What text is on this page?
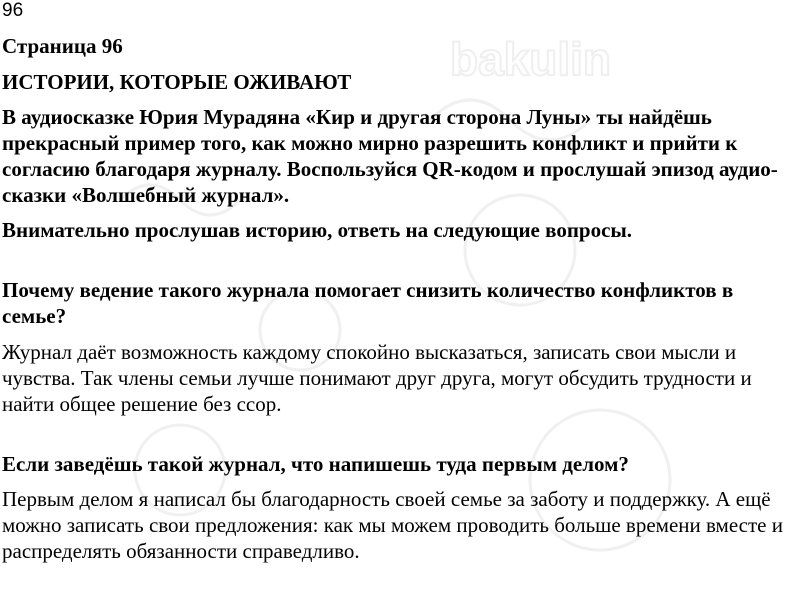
bakulin

96

Страница 96

ИСТОРИИ, КОТОРЫЕ ОЖИВАЮТ

В аудиосказке Юрия Мурадяна «Кир и другая сторона Луны» ты найдёшь прекрасный пример того, как можно мирно разрешить конфликт и прийти к согласию благодаря журналу. Воспользуйся QR-кодом и прослушай эпизод аудио-сказки «Волшебный журнал».

Внимательно прослушав историю, ответь на следующие вопросы.

Почему ведение такого журнала помогает снизить количество конфликтов в семье?

Журнал даёт возможность каждому спокойно высказаться, записать свои мысли и чувства. Так члены семьи лучше понимают друг друга, могут обсудить трудности и найти общее решение без ссор.

Если заведёшь такой журнал, что напишешь туда первым делом?

Первым делом я написал бы благодарность своей семье за заботу и поддержку. А ещё можно записать свои предложения: как мы можем проводить больше времени вместе и распределять обязанности справедливо.
